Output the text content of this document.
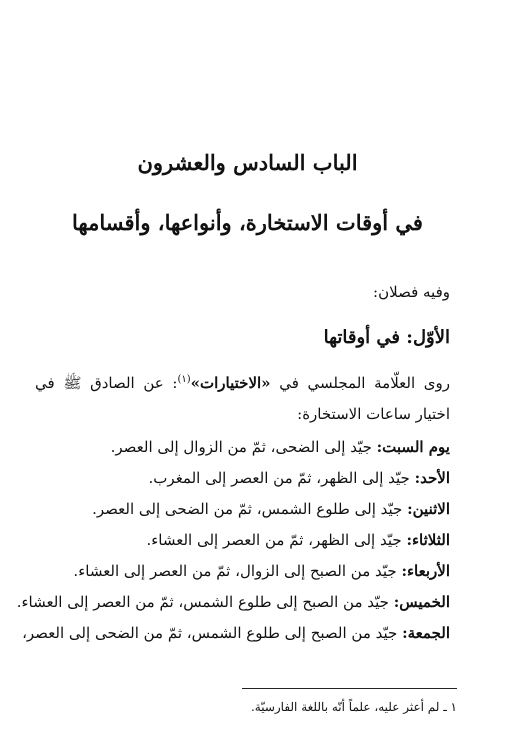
الباب السادس والعشرون
في أوقات الاستخارة، وأنواعها، وأقسامها

وفيه فصلان:

الأوّل: في أوقاتها

روى العلّامة المجلسي في «الاختيارات»$^{(١)}$: عن الصادق ﷺ في اختيار ساعات الاستخارة:

يوم السبت: جيّد إلى الضحى، ثمّ من الزوال إلى العصر.
الأحد: جيّد إلى الظهر، ثمّ من العصر إلى المغرب.
الاثنين: جيّد إلى طلوع الشمس، ثمّ من الضحى إلى العصر.
الثلاثاء: جيّد إلى الظهر، ثمّ من العصر إلى العشاء.
الأربعاء: جيّد من الصبح إلى الزوال، ثمّ من العصر إلى العشاء.
الخميس: جيّد من الصبح إلى طلوع الشمس، ثمّ من العصر إلى العشاء.
الجمعة: جيّد من الصبح إلى طلوع الشمس، ثمّ من الضحى إلى العصر،

١ ـ لم أعثر عليه، علماً أنّه باللغة الفارسيّة.
